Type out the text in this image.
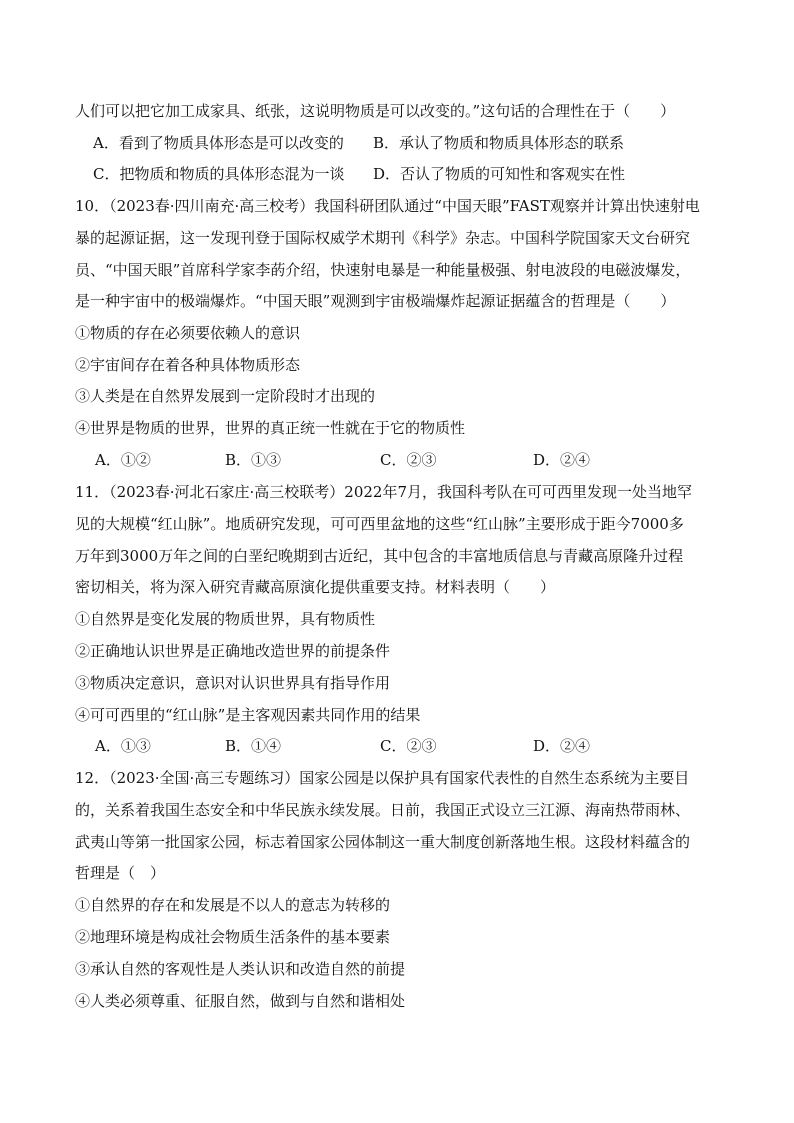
人们可以把它加工成家具、纸张，这说明物质是可以改变的。”这句话的合理性在于（　　）

A．看到了物质具体形态是可以改变的

B．承认了物质和物质具体形态的联系

C．把物质和物质的具体形态混为一谈

D．否认了物质的可知性和客观实在性

10．（2023春·四川南充·高三校考）我国科研团队通过“中国天眼”FAST观察并计算出快速射电
暴的起源证据，这一发现刊登于国际权威学术期刊《科学》杂志。中国科学院国家天文台研究
员、“中国天眼”首席科学家李菂介绍，快速射电暴是一种能量极强、射电波段的电磁波爆发，
是一种宇宙中的极端爆炸。“中国天眼”观测到宇宙极端爆炸起源证据蕴含的哲理是（　　）
①物质的存在必须要依赖人的意识
②宇宙间存在着各种具体物质形态
③人类是在自然界发展到一定阶段时才出现的
④世界是物质的世界，世界的真正统一性就在于它的物质性

A．①②

	B．①③

	C．②③

	D．②④

11．（2023春·河北石家庄·高三校联考）2022年7月，我国科考队在可可西里发现一处当地罕
见的大规模“红山脉”。地质研究发现，可可西里盆地的这些“红山脉”主要形成于距今7000多
万年到3000万年之间的白垩纪晚期到古近纪，其中包含的丰富地质信息与青藏高原隆升过程
密切相关，将为深入研究青藏高原演化提供重要支持。材料表明（　　）
①自然界是变化发展的物质世界，具有物质性
②正确地认识世界是正确地改造世界的前提条件
③物质决定意识，意识对认识世界具有指导作用
④可可西里的“红山脉”是主客观因素共同作用的结果

A．①③

	B．①④

	C．②③

	D．②④

12．（2023·全国·高三专题练习）国家公园是以保护具有国家代表性的自然生态系统为主要目
的，关系着我国生态安全和中华民族永续发展。日前，我国正式设立三江源、海南热带雨林、
武夷山等第一批国家公园，标志着国家公园体制这一重大制度创新落地生根。这段材料蕴含的
哲理是（　）
①自然界的存在和发展是不以人的意志为转移的
②地理环境是构成社会物质生活条件的基本要素
③承认自然的客观性是人类认识和改造自然的前提
④人类必须尊重、征服自然，做到与自然和谐相处
